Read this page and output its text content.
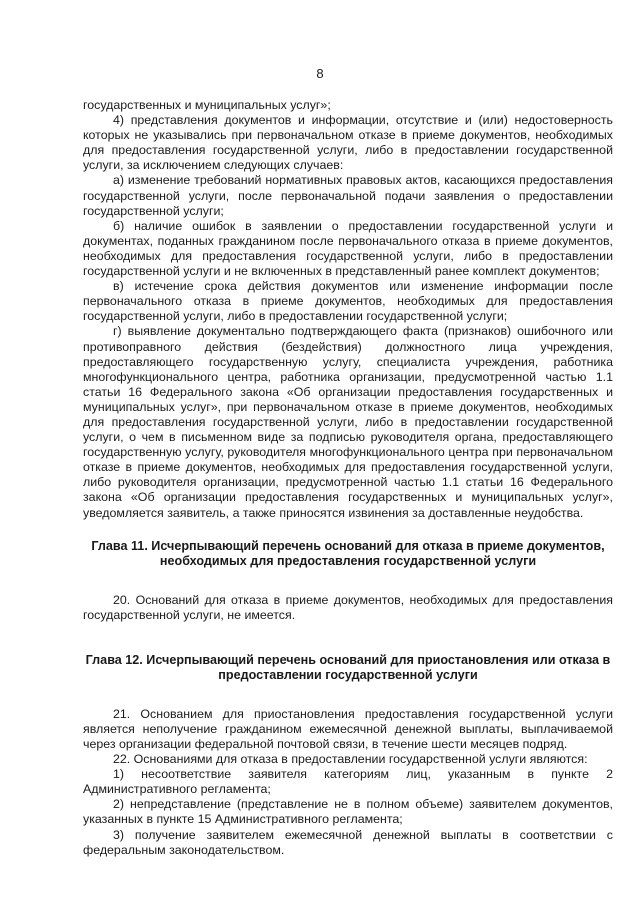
8

государственных и муниципальных услуг»;

4) представления документов и информации, отсутствие и (или) недостоверность которых не указывались при первоначальном отказе в приеме документов, необходимых для предоставления государственной услуги, либо в предоставлении государственной услуги, за исключением следующих случаев:

а) изменение требований нормативных правовых актов, касающихся предоставления государственной услуги, после первоначальной подачи заявления о предоставлении государственной услуги;

б) наличие ошибок в заявлении о предоставлении государственной услуги и документах, поданных гражданином после первоначального отказа в приеме документов, необходимых для предоставления государственной услуги, либо в предоставлении государственной услуги и не включенных в представленный ранее комплект документов;

в) истечение срока действия документов или изменение информации после первоначального отказа в приеме документов, необходимых для предоставления государственной услуги, либо в предоставлении государственной услуги;

г) выявление документально подтверждающего факта (признаков) ошибочного или противоправного действия (бездействия) должностного лица учреждения, предоставляющего государственную услугу, специалиста учреждения, работника многофункционального центра, работника организации, предусмотренной частью 1.1 статьи 16 Федерального закона «Об организации предоставления государственных и муниципальных услуг», при первоначальном отказе в приеме документов, необходимых для предоставления государственной услуги, либо в предоставлении государственной услуги, о чем в письменном виде за подписью руководителя органа, предоставляющего государственную услугу, руководителя многофункционального центра при первоначальном отказе в приеме документов, необходимых для предоставления государственной услуги, либо руководителя организации, предусмотренной частью 1.1 статьи 16 Федерального закона «Об организации предоставления государственных и муниципальных услуг», уведомляется заявитель, а также приносятся извинения за доставленные неудобства.

Глава 11. Исчерпывающий перечень оснований для отказа в приеме документов, необходимых для предоставления государственной услуги

20. Оснований для отказа в приеме документов, необходимых для предоставления государственной услуги, не имеется.

Глава 12. Исчерпывающий перечень оснований для приостановления или отказа в предоставлении государственной услуги

21. Основанием для приостановления предоставления государственной услуги является неполучение гражданином ежемесячной денежной выплаты, выплачиваемой через организации федеральной почтовой связи, в течение шести месяцев подряд.

22. Основаниями для отказа в предоставлении государственной услуги являются:

1) несоответствие заявителя категориям лиц, указанным в пункте 2 Административного регламента;

2) непредставление (представление не в полном объеме) заявителем документов, указанных в пункте 15 Административного регламента;

3) получение заявителем ежемесячной денежной выплаты в соответствии с федеральным законодательством.
